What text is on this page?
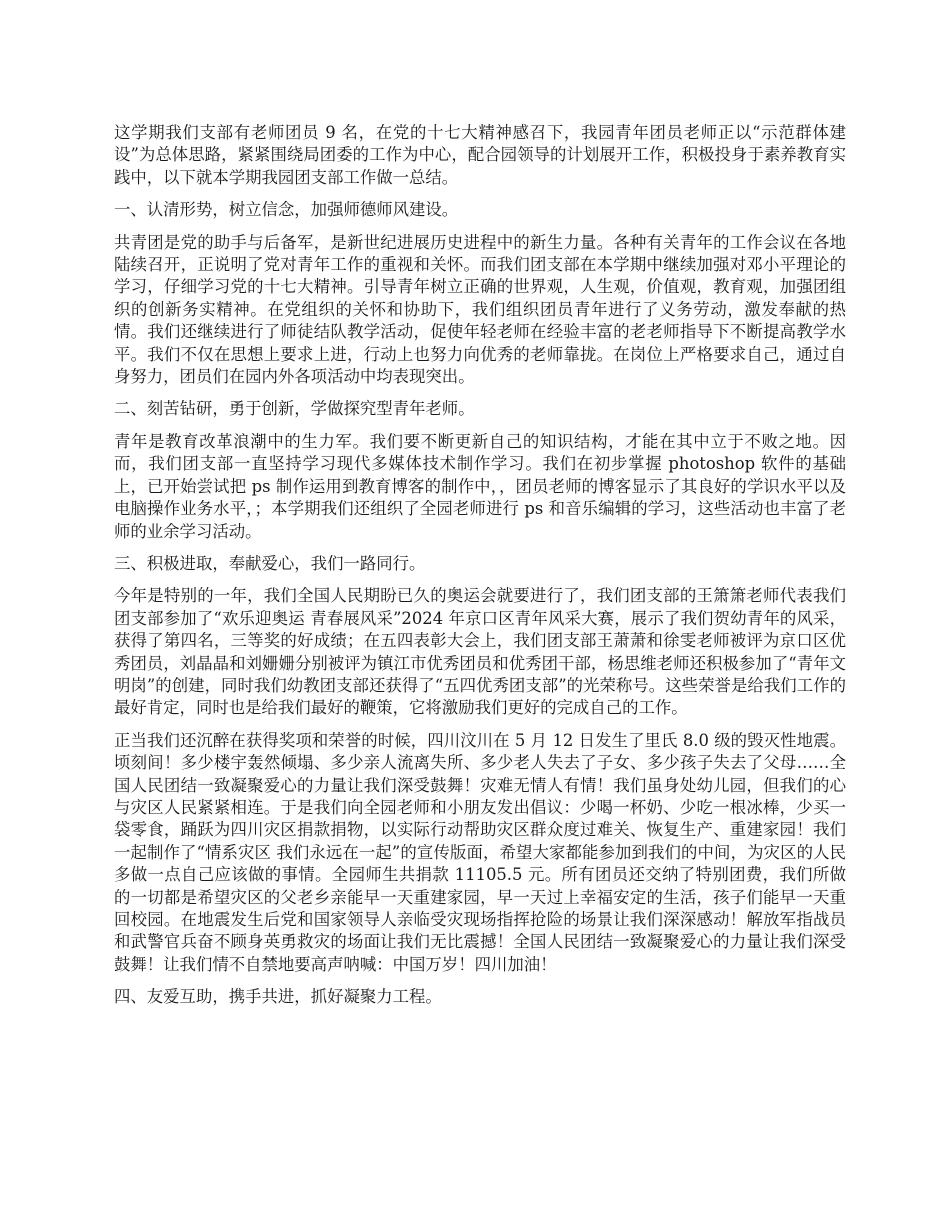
这学期我们支部有老师团员 9 名，在党的十七大精神感召下，我园青年团员老师正以“示范群体建设”为总体思路，紧紧围绕局团委的工作为中心，配合园领导的计划展开工作，积极投身于素养教育实践中，以下就本学期我园团支部工作做一总结。

一、认清形势，树立信念，加强师德师风建设。

共青团是党的助手与后备军，是新世纪进展历史进程中的新生力量。各种有关青年的工作会议在各地陆续召开，正说明了党对青年工作的重视和关怀。而我们团支部在本学期中继续加强对邓小平理论的学习，仔细学习党的十七大精神。引导青年树立正确的世界观，人生观，价值观，教育观，加强团组织的创新务实精神。在党组织的关怀和协助下，我们组织团员青年进行了义务劳动，激发奉献的热情。我们还继续进行了师徒结队教学活动，促使年轻老师在经验丰富的老老师指导下不断提高教学水平。我们不仅在思想上要求上进，行动上也努力向优秀的老师靠拢。在岗位上严格要求自己，通过自身努力，团员们在园内外各项活动中均表现突出。

二、刻苦钻研，勇于创新，学做探究型青年老师。

青年是教育改革浪潮中的生力军。我们要不断更新自己的知识结构，才能在其中立于不败之地。因而，我们团支部一直坚持学习现代多媒体技术制作学习。我们在初步掌握 photoshop 软件的基础上，已开始尝试把 ps 制作运用到教育博客的制作中，，团员老师的博客显示了其良好的学识水平以及电脑操作业务水平，；本学期我们还组织了全园老师进行 ps 和音乐编辑的学习，这些活动也丰富了老师的业余学习活动。

三、积极进取，奉献爱心，我们一路同行。

今年是特别的一年，我们全国人民期盼已久的奥运会就要进行了，我们团支部的王箫箫老师代表我们团支部参加了“欢乐迎奥运 青春展风采”2024 年京口区青年风采大赛，展示了我们贺幼青年的风采，获得了第四名，三等奖的好成绩；在五四表彰大会上，我们团支部王萧萧和徐雯老师被评为京口区优秀团员，刘晶晶和刘姗姗分别被评为镇江市优秀团员和优秀团干部，杨思维老师还积极参加了“青年文明岗”的创建，同时我们幼教团支部还获得了“五四优秀团支部”的光荣称号。这些荣誉是给我们工作的最好肯定，同时也是给我们最好的鞭策，它将激励我们更好的完成自己的工作。

正当我们还沉醉在获得奖项和荣誉的时候，四川汶川在 5 月 12 日发生了里氏 8.0 级的毁灭性地震。顷刻间！多少楼宇轰然倾塌、多少亲人流离失所、多少老人失去了子女、多少孩子失去了父母……全国人民团结一致凝聚爱心的力量让我们深受鼓舞！灾难无情人有情！我们虽身处幼儿园，但我们的心与灾区人民紧紧相连。于是我们向全园老师和小朋友发出倡议：少喝一杯奶、少吃一根冰棒，少买一袋零食，踊跃为四川灾区捐款捐物，以实际行动帮助灾区群众度过难关、恢复生产、重建家园！我们一起制作了“情系灾区 我们永远在一起”的宣传版面，希望大家都能参加到我们的中间，为灾区的人民多做一点自己应该做的事情。全园师生共捐款 11105.5 元。所有团员还交纳了特别团费，我们所做的一切都是希望灾区的父老乡亲能早一天重建家园，早一天过上幸福安定的生活，孩子们能早一天重回校园。在地震发生后党和国家领导人亲临受灾现场指挥抢险的场景让我们深深感动！解放军指战员和武警官兵奋不顾身英勇救灾的场面让我们无比震撼！全国人民团结一致凝聚爱心的力量让我们深受鼓舞！让我们情不自禁地要高声呐喊：中国万岁！四川加油！

四、友爱互助，携手共进，抓好凝聚力工程。
